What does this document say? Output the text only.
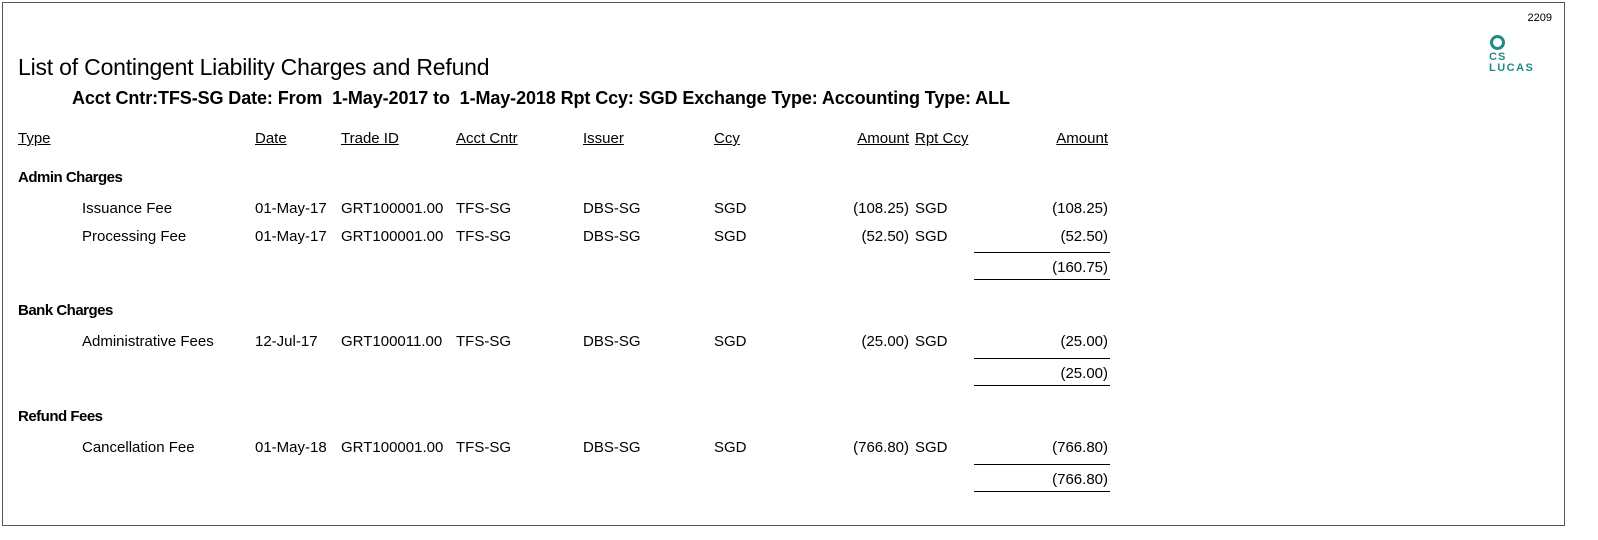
2209
CS
LUCAS
List of Contingent Liability Charges and Refund
Acct Cntr:TFS-SG Date: From  1-May-2017 to  1-May-2018 Rpt Ccy: SGD Exchange Type: Accounting Type: ALL
Type	Date	Trade ID	Acct Cntr	Issuer	Ccy	Amount Rpt Ccy	Amount
Admin Charges
Issuance Fee	01-May-17 GRT100001.00 TFS-SG	DBS-SG	SGD	(108.25) SGD	(108.25)
Processing Fee	01-May-17 GRT100001.00 TFS-SG	DBS-SG	SGD	(52.50) SGD	(52.50)
(160.75)
Bank Charges
Administrative Fees	12-Jul-17 GRT100011.00 TFS-SG	DBS-SG	SGD	(25.00) SGD	(25.00)
(25.00)
Refund Fees
Cancellation Fee	01-May-18 GRT100001.00 TFS-SG	DBS-SG	SGD	(766.80) SGD	(766.80)
(766.80)
